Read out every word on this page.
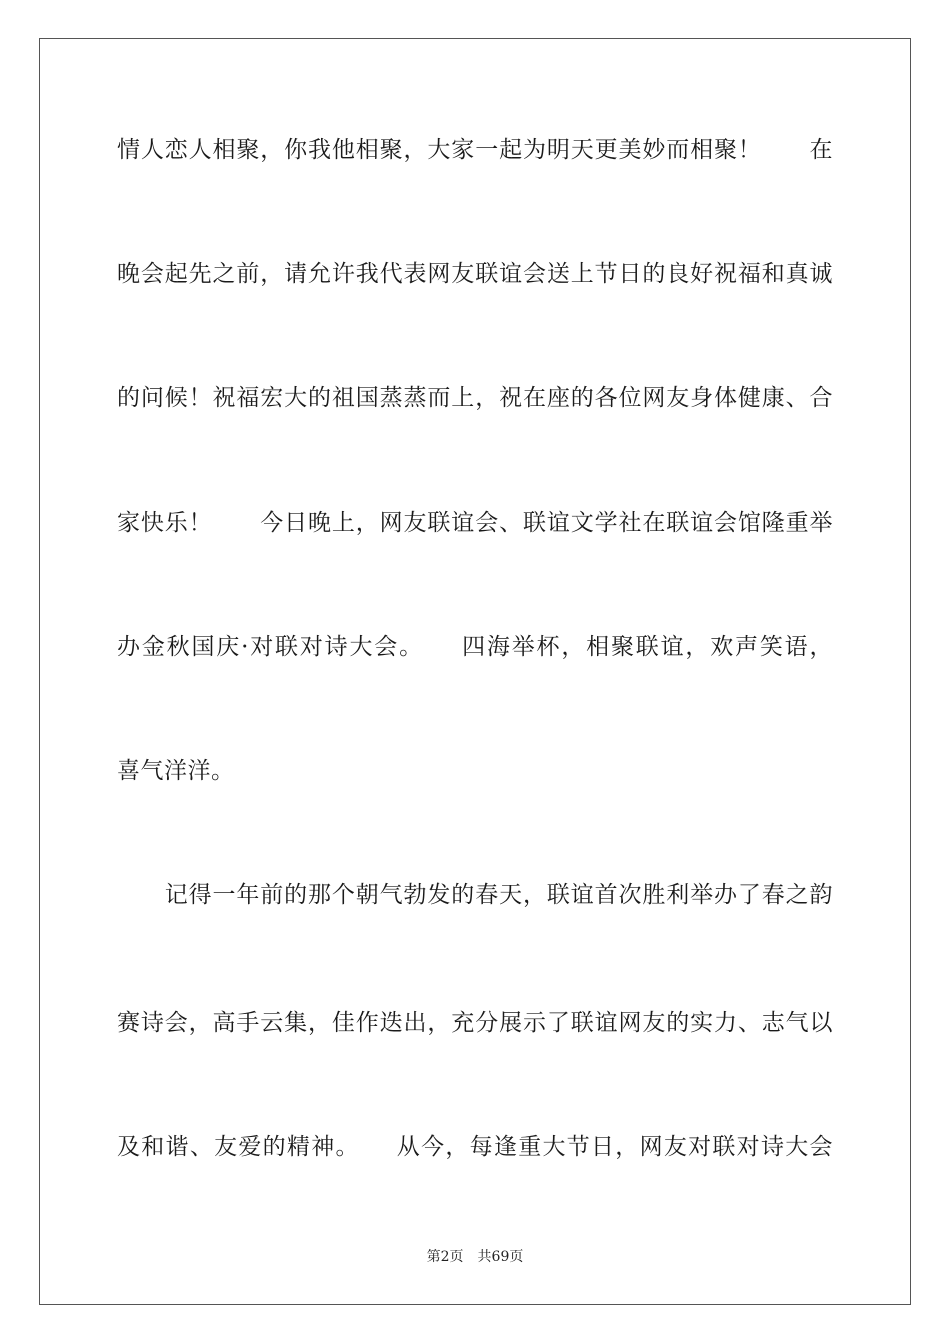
情人恋人相聚，你我他相聚，大家一起为明天更美妙而相聚！　　在
晚会起先之前，请允许我代表网友联谊会送上节日的良好祝福和真诚
的问候！祝福宏大的祖国蒸蒸而上，祝在座的各位网友身体健康、合
家快乐！　　今日晚上，网友联谊会、联谊文学社在联谊会馆隆重举
办金秋国庆·对联对诗大会。　　四海举杯，相聚联谊，欢声笑语，
喜气洋洋。
　　记得一年前的那个朝气勃发的春天，联谊首次胜利举办了春之韵
赛诗会，高手云集，佳作迭出，充分展示了联谊网友的实力、志气以
及和谐、友爱的精神。　　从今，每逢重大节日，网友对联对诗大会
第2页 共69页
